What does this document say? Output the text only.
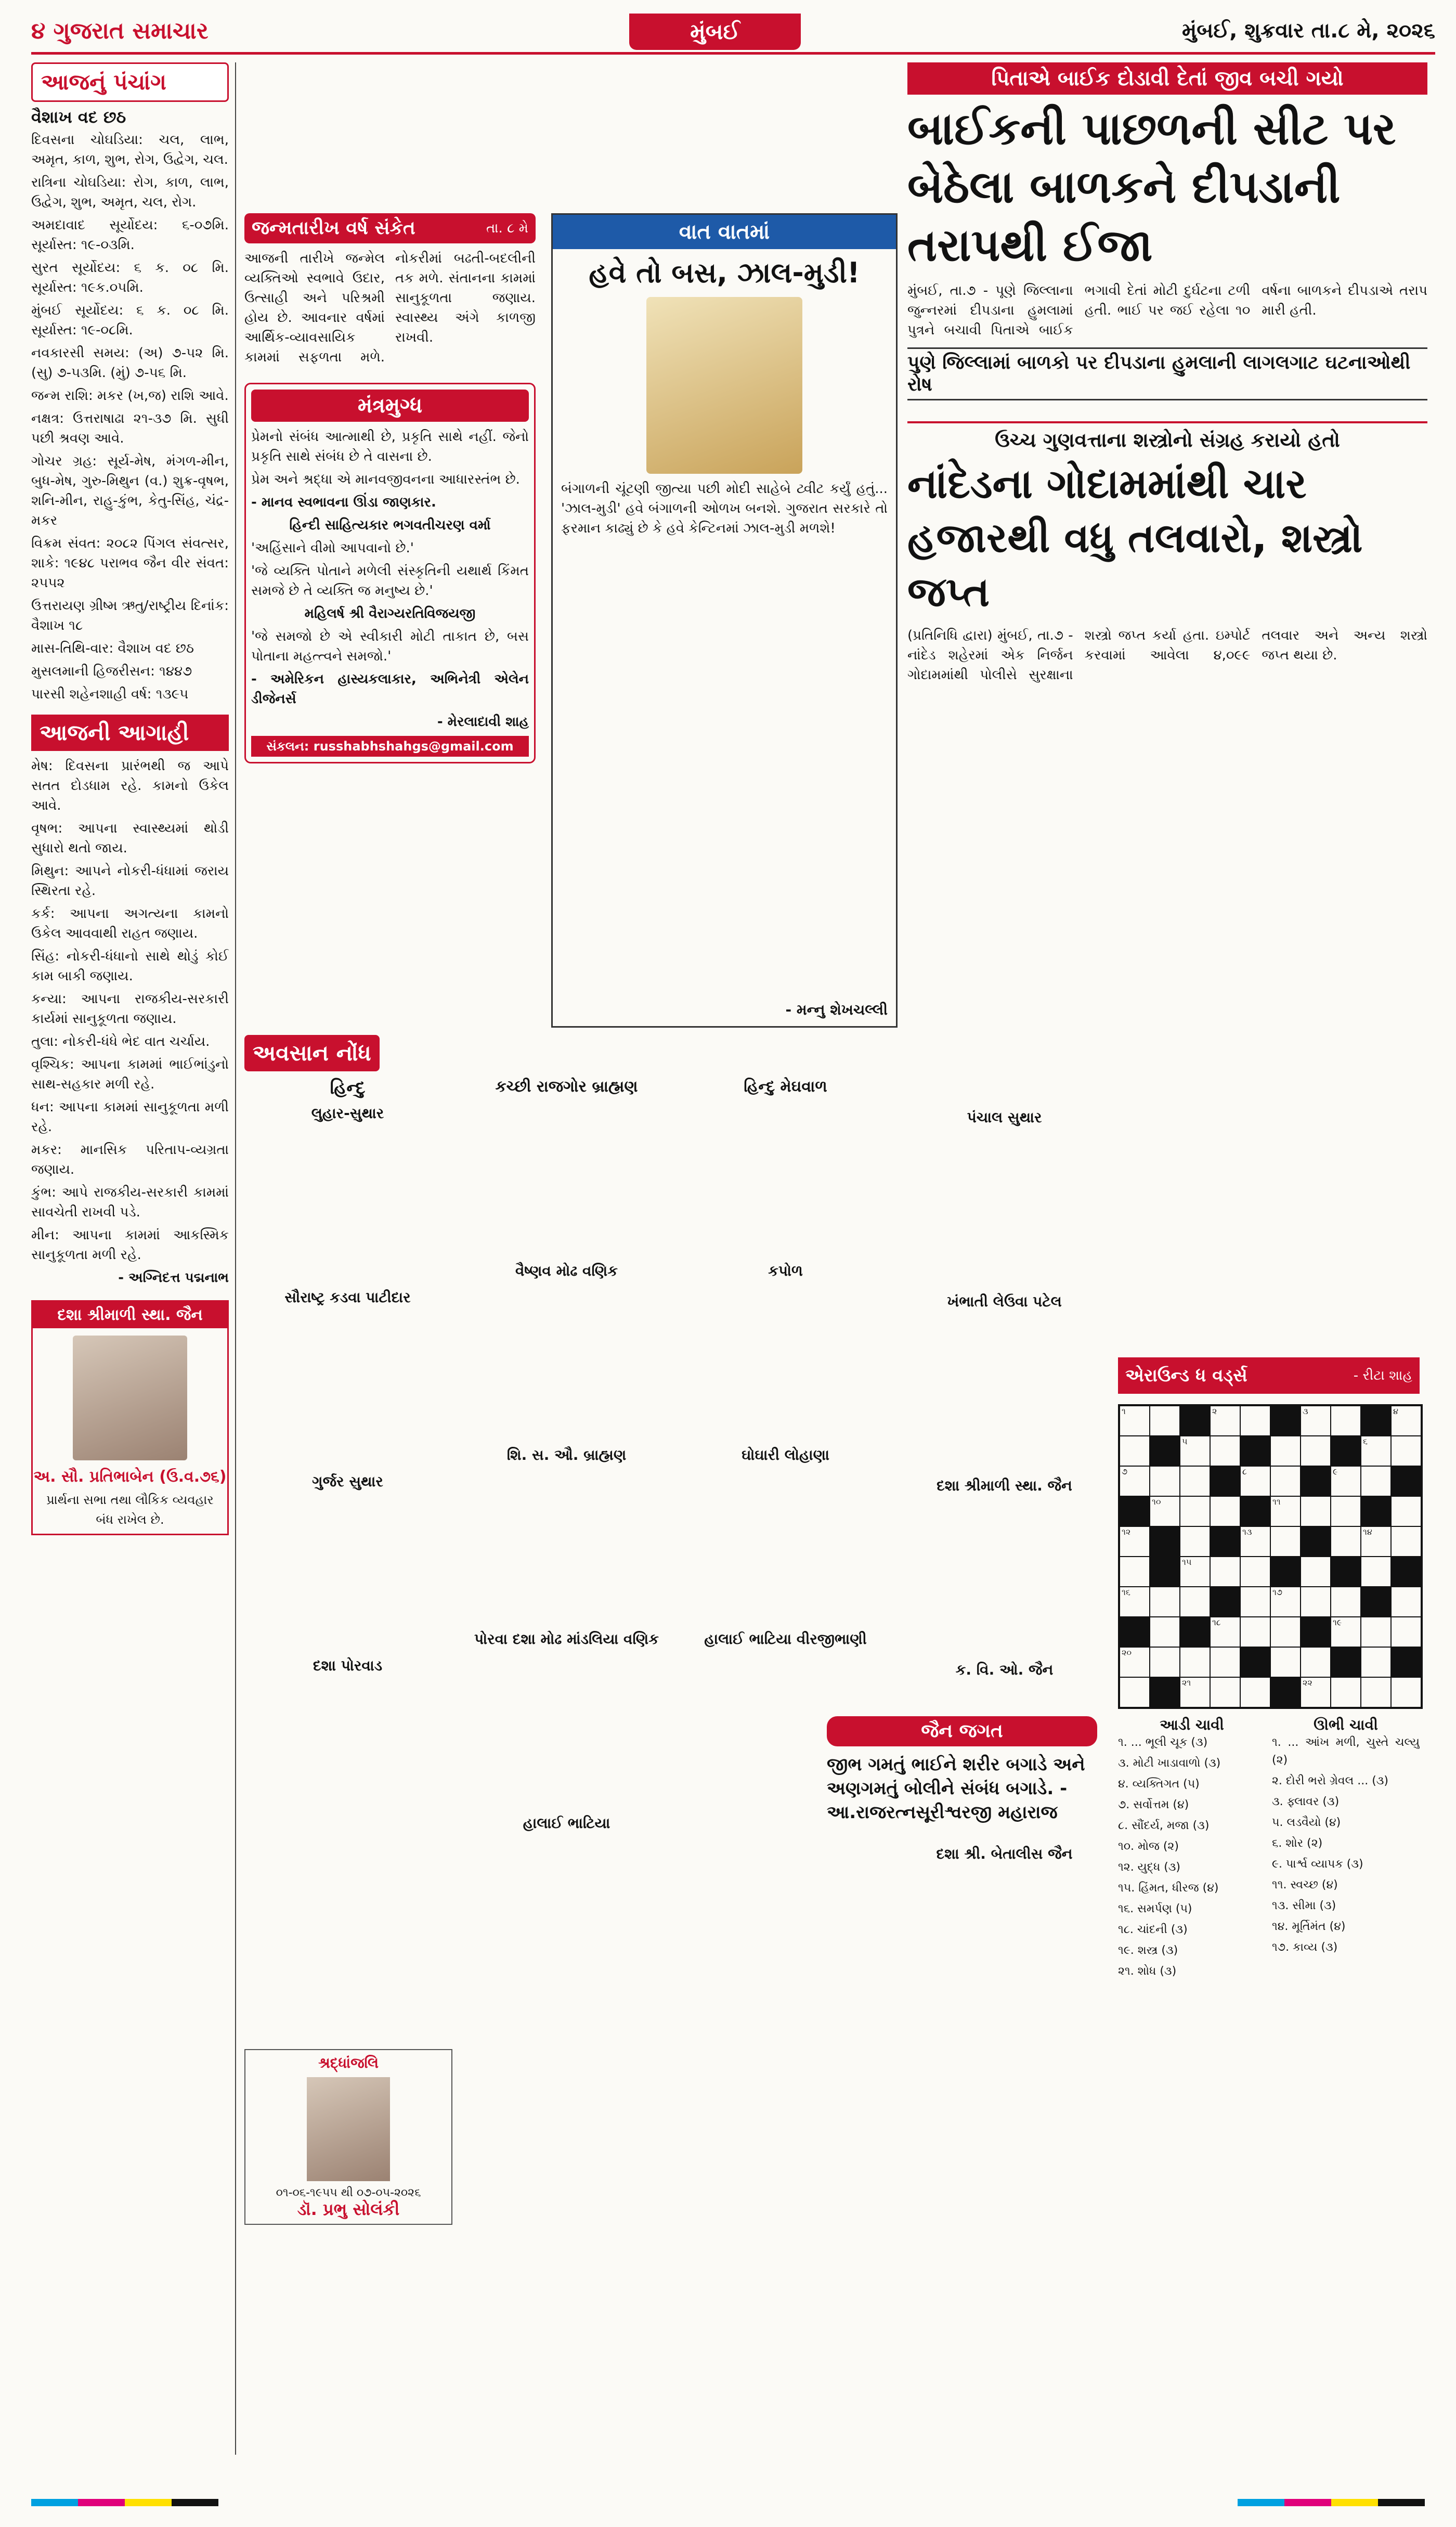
૪ ગુજરાત સમાચાર	મુંબઈ	મુંબઈ, શુક્રવાર તા.૮ મે, ૨૦૨૬
આજનું પંચાંગ

વૈશાખ વદ છઠ

દિવસના ચોઘડિયા: ચલ, લાભ, અમૃત, કાળ, શુભ, રોગ, ઉદ્વેગ, ચલ.

રાત્રિના ચોઘડિયા: રોગ, કાળ, લાભ, ઉદ્વેગ, શુભ, અમૃત, ચલ, રોગ.

અમદાવાદ સૂર્યોદય: ૬-૦૭મિ. સૂર્યાસ્ત: ૧૯-૦૩મિ.

સુરત સૂર્યોદય: ૬ ક. ૦૮ મિ. સૂર્યાસ્ત: ૧૯ક.૦૫મિ.

મુંબઈ સૂર્યોદય: ૬ ક. ૦૮ મિ. સૂર્યાસ્ત: ૧૯-૦૮મિ.

નવકારસી સમય: (અ) ૭-૫૨ મિ. (સુ) ૭-૫૩મિ. (મું) ૭-૫૬ મિ.

જન્મ રાશિ: મકર (ખ,જ) રાશિ આવે.

નક્ષત્ર: ઉત્તરાષાઢા ૨૧-૩૭ મિ. સુધી પછી શ્રવણ આવે.

ગોચર ગ્રહ: સૂર્ય-મેષ, મંગળ-મીન, બુધ-મેષ, ગુરુ-મિથુન (વ.) શુક્ર-વૃષભ, શનિ-મીન, રાહુ-કુંભ, કેતુ-સિંહ, ચંદ્ર-મકર

વિક્રમ સંવત: ૨૦૮૨ પિંગલ સંવત્સર, શાકે: ૧૯૪૮ પરાભવ જૈન વીર સંવત: ૨૫૫૨

ઉત્તરાયણ ગ્રીષ્મ ઋતુ/રાષ્ટ્રીય દિનાંક: વૈશાખ ૧૮

માસ-તિથિ-વાર: વૈશાખ વદ છઠ

મુસલમાની હિજરીસન: ૧૪૪૭

પારસી શહેનશાહી વર્ષ: ૧૩૯૫

આજની આગાહી

મેષ: દિવસના પ્રારંભથી જ આપે સતત દોડધામ રહે. કામનો ઉકેલ આવે.

વૃષભ: આપના સ્વાસ્થ્યમાં થોડી સુધારો થતો જાય.

મિથુન: આપને નોકરી-ધંધામાં જરાય સ્થિરતા રહે.

કર્ક: આપના અગત્યના કામનો ઉકેલ આવવાથી રાહત જણાય.

સિંહ: નોકરી-ધંધાનો સાથે થોડું કોઈ કામ બાકી જણાય.

કન્યા: આપના રાજકીય-સરકારી કાર્યમાં સાનુકૂળતા જણાય.

તુલા: નોકરી-ધંધે ભેદ વાત ચર્ચાય.

વૃશ્ચિક: આપના કામમાં ભાઈભાંડુનો સાથ-સહકાર મળી રહે.

ધન: આપના કામમાં સાનુકૂળતા મળી રહે.

મકર: માનસિક પરિતાપ-વ્યગ્રતા જણાય.

કુંભ: આપે રાજકીય-સરકારી કામમાં સાવચેતી રાખવી પડે.

મીન: આપના કામમાં આકસ્મિક સાનુકૂળતા મળી રહે.

- અગ્નિદત્ત પદ્મનાભ

દશા શ્રીમાળી સ્થા. જૈન
અ. સૌ. પ્રતિભાબેન (ઉ.વ.૭૬)
પ્રાર્થના સભા તથા લૌકિક વ્યવહાર બંધ રાખેલ છે.
જન્મતારીખ વર્ષ સંકેત	તા. ૮ મે
આજની તારીખે જન્મેલ વ્યક્તિઓ સ્વભાવે ઉદાર, ઉત્સાહી અને પરિશ્રમી હોય છે. આવનાર વર્ષમાં આર્થિક-વ્યાવસાયિક કામમાં સફળતા મળે. નોકરીમાં બઢતી-બદલીની તક મળે. સંતાનના કામમાં સાનુકૂળતા જણાય. સ્વાસ્થ્ય અંગે કાળજી રાખવી.
મંત્રમુગ્ધ

પ્રેમનો સંબંધ આત્માથી છે, પ્રકૃતિ સાથે નહીં. જેનો પ્રકૃતિ સાથે સંબંધ છે તે વાસના છે.

પ્રેમ અને શ્રદ્ધા એ માનવજીવનના આધારસ્તંભ છે.

- માનવ સ્વભાવના ઊંડા જાણકાર.

હિન્દી સાહિત્યકાર ભગવતીચરણ વર્મા

'અહિંસાને વીમો આપવાનો છે.'

'જે વ્યક્તિ પોતાને મળેલી સંસ્કૃતિની યથાર્થ કિંમત સમજે છે તે વ્યક્તિ જ મનુષ્ય છે.'

મહિલર્ષ શ્રી વૈરાગ્યરતિવિજયજી

'જે સમજો છે એ સ્વીકારી મોટી તાકાત છે, બસ પોતાના મહત્ત્વને સમજો.'

- અમેરિકન હાસ્યકલાકાર, અભિનેત્રી એલેન ડીજેનર્સ

- મેરલાદાવી શાહ

સંકલન: russhabhshahgs@gmail.com
વાત વાતમાં
હવે તો બસ, ઝાલ-મુડી!
બંગાળની ચૂંટણી જીત્યા પછી મોદી સાહેબે ટ્વીટ કર્યું હતું... 'ઝાલ-મુડી' હવે બંગાળની ઓળખ બનશે. ગુજરાત સરકારે તો ફરમાન કાઢ્યું છે કે હવે કેન્ટિનમાં ઝાલ-મુડી મળશે!
- મન્નુ શેખચલ્લી
પિતાએ બાઈક દોડાવી દેતાં જીવ બચી ગયો
બાઈકની પાછળની સીટ પર બેઠેલા બાળકને દીપડાની તરાપથી ઈજા
મુંબઈ, તા.૭ - પૂણે જિલ્લાના જુન્નરમાં દીપડાના હુમલામાં પુત્રને બચાવી પિતાએ બાઈક ભગાવી દેતાં મોટી દુર્ઘટના ટળી હતી. ભાઈ પર જઈ રહેલા ૧૦ વર્ષના બાળકને દીપડાએ તરાપ મારી હતી.
પુણે જિલ્લામાં બાળકો પર દીપડાના હુમલાની લાગલગાટ ઘટનાઓથી રોષ
ઉચ્ચ ગુણવત્તાના શસ્ત્રોનો સંગ્રહ કરાયો હતો
નાંદેડના ગોદામમાંથી ચાર હજારથી વધુ તલવારો, શસ્ત્રો જપ્ત
(પ્રતિનિધિ દ્વારા) મુંબઈ, તા.૭ - નાંદેડ શહેરમાં એક નિર્જન ગોદામમાંથી પોલીસે સુરક્ષાના શસ્ત્રો જપ્ત કર્યા હતા. ઇમ્પોર્ટ કરવામાં આવેલા ૪,૦૯૯ તલવાર અને અન્ય શસ્ત્રો જપ્ત થયા છે.
અવસાન નોંધ
હિન્દુ
લુહાર-સુથાર
સૌરાષ્ટ્ર કડવા પાટીદાર
ગુર્જર સુથાર
દશા પોરવાડ
કચ્છી રાજગોર બ્રાહ્મણ
વૈષ્ણવ મોઢ વણિક
શિ. સ. ઔ. બ્રાહ્મણ
પોરવા દશા મોઢ માંડલિયા વણિક
હાલાઈ ભાટિયા
હિન્દુ મેઘવાળ
કપોળ
ઘોઘારી લોહાણા
હાલાઈ ભાટિયા વીરજીભાણી
પંચાલ સુથાર
ખંભાતી લેઉવા પટેલ
દશા શ્રીમાળી સ્થા. જૈન
ક. વિ. ઓ. જૈન
દશા શ્રી. બેતાલીસ જૈન
શ્રદ્ધાંજલિ
૦૧-૦૬-૧૯૫૫ થી ૦૭-૦૫-૨૦૨૬
ડૉ. પ્રભુ સોલંકી
જૈન જગત
જીભ ગમતું ભાઈને શરીર બગાડે અને અણગમતું બોલીને સંબંધ બગાડે. - આ.રાજરત્નસૂરીશ્વરજી મહારાજ
એરાઉન્ડ ધ વર્ડ્સ	- રીટા શાહ
૧	૨	૩	૪
૫	૬
૭	૮	૯
૧૦	૧૧
૧૨	૧૩	૧૪
૧૫
૧૬	૧૭
૧૮	૧૯
૨૦
૨૧	૨૨
આડી ચાવી

૧. ... ભૂલી ચૂક (૩)

૩. મોટી ખાડાવાળો (૩)

૪. વ્યક્તિગત (૫)

૭. સર્વોત્તમ (૪)

૮. સૌંદર્ય, મજા (૩)

૧૦. મોજ (૨)

૧૨. યુદ્ધ (૩)

૧૫. હિંમત, ધીરજ (૪)

૧૬. સમર્પણ (૫)

૧૮. ચાંદની (૩)

૧૯. શસ્ત્ર (૩)

૨૧. શોધ (૩)

ઊભી ચાવી

૧. ... આંખ મળી, ચુસ્તે ચલ્યુ (૨)

૨. દોરી ભરો ગ્રેવલ ... (૩)

૩. ફ્લાવર (૩)

૫. લડવૈયો (૪)

૬. શોર (૨)

૯. પાર્શ્વ વ્યાપક (૩)

૧૧. સ્વચ્છ (૪)

૧૩. સીમા (૩)

૧૪. મૂર્તિમંત (૪)

૧૭. કાવ્ય (૩)
